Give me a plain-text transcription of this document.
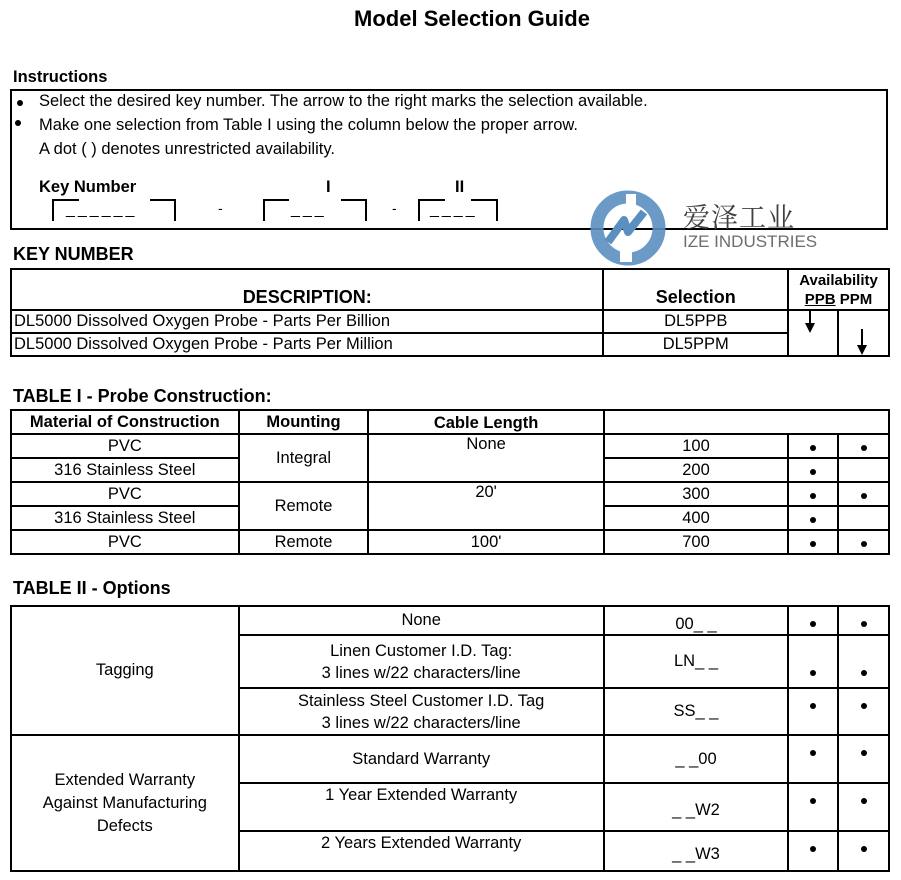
Model Selection Guide
Instructions
Select the desired key number. The arrow to the right marks the selection available.
Make one selection from Table I using the column below the proper arrow.
A dot ( ) denotes unrestricted availability.
Key Number	I	II
______	-	___	- ____
KEY NUMBER
DESCRIPTION:	Selection	Availability
PPB PPM	

DL5000 Dissolved Oxygen Probe - Parts Per Billion	DL5PPB		

DL5000 Dissolved Oxygen Probe - Parts Per Million	DL5PPM		
TABLE I - Probe Construction:
Material of Construction	Mounting	Cable Length			
PVC	Integral	None	100		
316 Stainless Steel			200		
PVC	Remote	20'	300		
316 Stainless Steel			400		
PVC	Remote	100'	700		
TABLE II - Options
Tagging	None	00_ _		

	Linen Customer I.D. Tag:
3 lines w/22 characters/line	LN_ _		

	Stainless Steel Customer I.D. Tag
3 lines w/22 characters/line	SS_ _		

Extended Warranty
Against Manufacturing
Defects	Standard Warranty	_ _00		
	1 Year Extended Warranty	_ _W2		
	2 Years Extended Warranty	_ _W3		
爱泽工业
IZE INDUSTRIES
